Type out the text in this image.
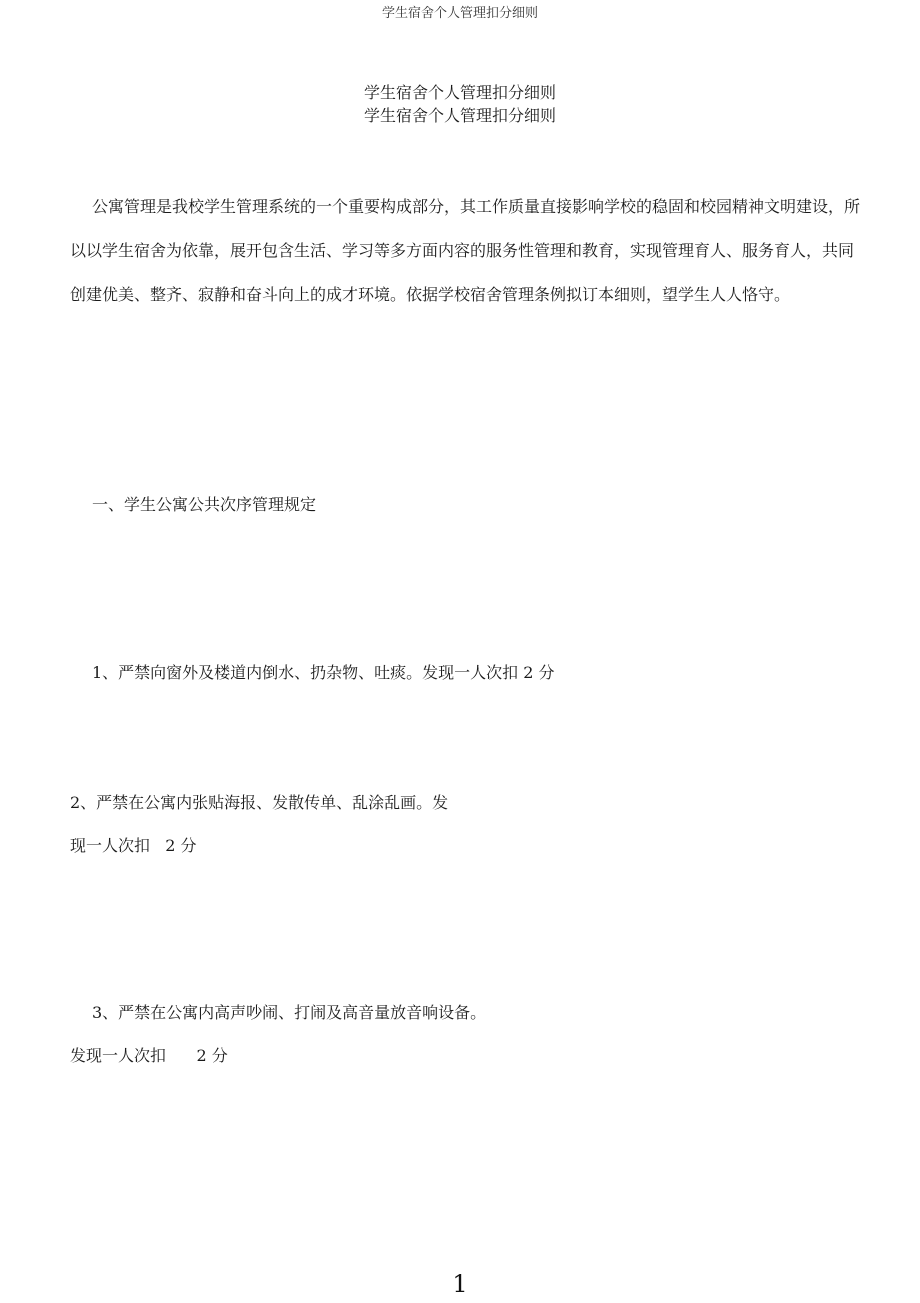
学生宿舍个人管理扣分细则
学生宿舍个人管理扣分细则
学生宿舍个人管理扣分细则

公寓管理是我校学生管理系统的一个重要构成部分，其工作质量直接影响学校的稳固和校园精神文明建设，所以以学生宿舍为依靠，展开包含生活、学习等多方面内容的服务性管理和教育，实现管理育人、服务育人，共同创建优美、整齐、寂静和奋斗向上的成才环境。依据学校宿舍管理条例拟订本细则，望学生人人恪守。

一、学生公寓公共次序管理规定
1、严禁向窗外及楼道内倒水、扔杂物、吐痰。发现一人次扣 2 分
2、严禁在公寓内张贴海报、发散传单、乱涂乱画。发
现一人次扣   2 分
3、严禁在公寓内高声吵闹、打闹及高音量放音响设备。
发现一人次扣      2 分
1
